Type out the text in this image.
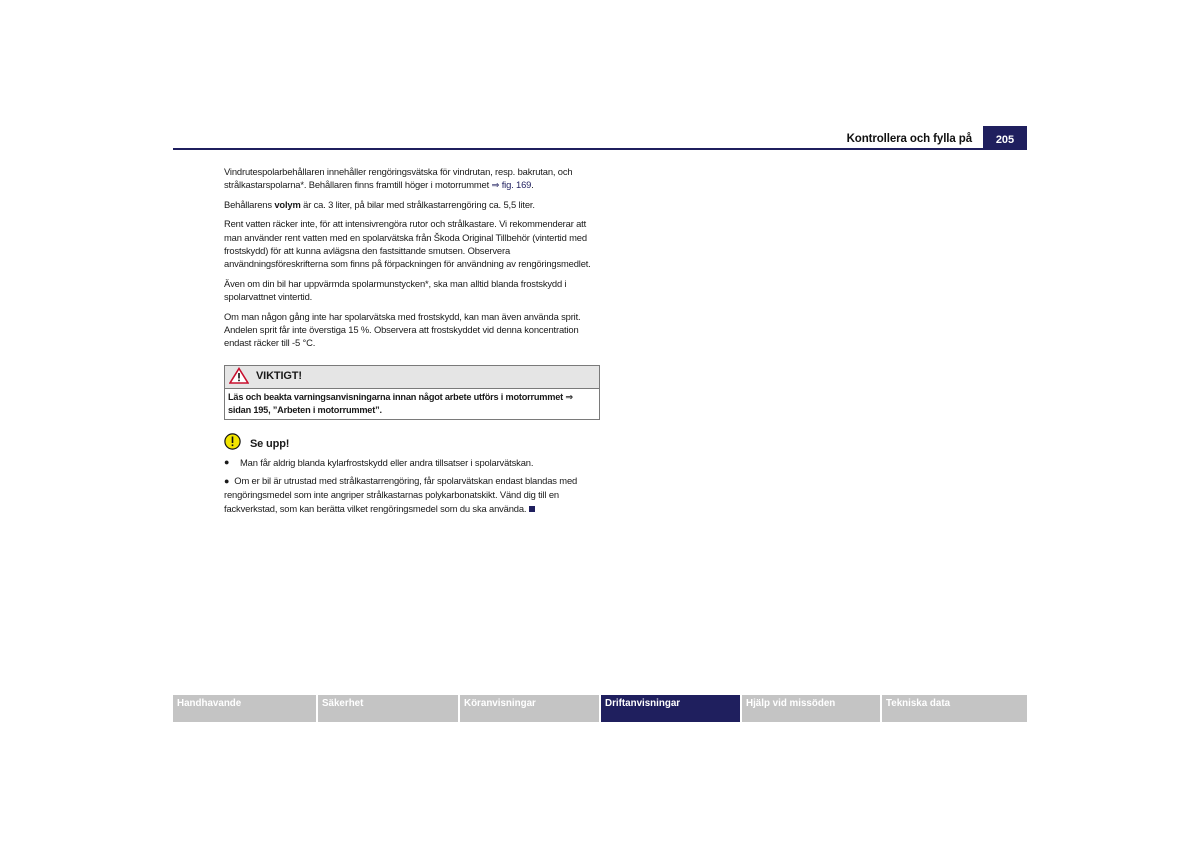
Kontrollera och fylla på	205

Vindrutespolarbehållaren innehåller rengöringsvätska för vindrutan, resp. bakrutan, och strålkastarspolarna*. Behållaren finns framtill höger i motorrummet ⇒ fig. 169.

Behållarens volym är ca. 3 liter, på bilar med strålkastarrengöring ca. 5,5 liter.

Rent vatten räcker inte, för att intensivrengöra rutor och strålkastare. Vi rekommenderar att man använder rent vatten med en spolarvätska från Škoda Original Tillbehör (vintertid med frostskydd) för att kunna avlägsna den fastsittande smutsen. Observera användningsföreskrifterna som finns på förpackningen för användning av rengöringsmedlet.

Även om din bil har uppvärmda spolarmunstycken*, ska man alltid blanda frostskydd i spolarvattnet vintertid.

Om man någon gång inte har spolarvätska med frostskydd, kan man även använda sprit. Andelen sprit får inte överstiga 15 %. Observera att frostskyddet vid denna koncentration endast räcker till -5 °C.

VIKTIGT!
Läs och beakta varningsanvisningarna innan något arbete utförs i motorrummet ⇒ sidan 195, ”Arbeten i motorrummet”.
Se upp!
●	Man får aldrig blanda kylarfrostskydd eller andra tillsatser i spolarvätskan.
● Om er bil är utrustad med strålkastarrengöring, får spolarvätskan endast blandas med rengöringsmedel som inte angriper strålkastarnas polykarbonatskikt. Vänd dig till en fackverkstad, som kan berätta vilket rengöringsmedel som du ska använda.
Handhavande	Säkerhet	Köranvisningar	Driftanvisningar	Hjälp vid missöden	Tekniska data
